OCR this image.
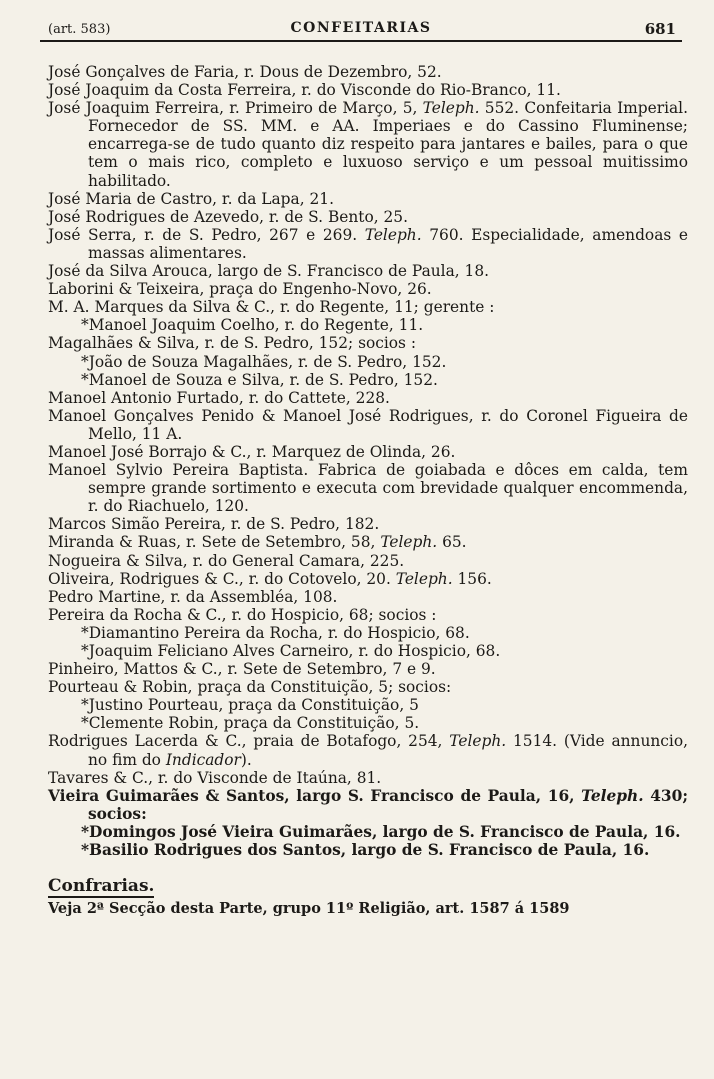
(art. 583)	CONFEITARIAS	681

José Gonçalves de Faria, r. Dous de Dezembro, 52.

José Joaquim da Costa Ferreira, r. do Visconde do Rio-Branco, 11.

José Joaquim Ferreira, r. Primeiro de Março, 5, Teleph. 552. Confeitaria Imperial. Fornecedor de SS. MM. e AA. Imperiaes e do Cassino Fluminense; encarrega-se de tudo quanto diz respeito para jantares e bailes, para o que tem o mais rico, completo e luxuoso serviço e um pessoal muitissimo habilitado.

José Maria de Castro, r. da Lapa, 21.

José Rodrigues de Azevedo, r. de S. Bento, 25.

José Serra, r. de S. Pedro, 267 e 269. Teleph. 760. Especialidade, amendoas e massas alimentares.

José da Silva Arouca, largo de S. Francisco de Paula, 18.

Laborini & Teixeira, praça do Engenho-Novo, 26.

M. A. Marques da Silva & C., r. do Regente, 11; gerente :

*Manoel Joaquim Coelho, r. do Regente, 11.

Magalhães & Silva, r. de S. Pedro, 152; socios :

*João de Souza Magalhães, r. de S. Pedro, 152.

*Manoel de Souza e Silva, r. de S. Pedro, 152.

Manoel Antonio Furtado, r. do Cattete, 228.

Manoel Gonçalves Penido & Manoel José Rodrigues, r. do Coronel Figueira de Mello, 11 A.

Manoel José Borrajo & C., r. Marquez de Olinda, 26.

Manoel Sylvio Pereira Baptista. Fabrica de goiabada e dôces em calda, tem sempre grande sortimento e executa com brevidade qualquer encommenda, r. do Riachuelo, 120.

Marcos Simão Pereira, r. de S. Pedro, 182.

Miranda & Ruas, r. Sete de Setembro, 58, Teleph. 65.

Nogueira & Silva, r. do General Camara, 225.

Oliveira, Rodrigues & C., r. do Cotovelo, 20. Teleph. 156.

Pedro Martine, r. da Assembléa, 108.

Pereira da Rocha & C., r. do Hospicio, 68; socios :

*Diamantino Pereira da Rocha, r. do Hospicio, 68.

*Joaquim Feliciano Alves Carneiro, r. do Hospicio, 68.

Pinheiro, Mattos & C., r. Sete de Setembro, 7 e 9.

Pourteau & Robin, praça da Constituição, 5; socios:

*Justino Pourteau, praça da Constituição, 5

*Clemente Robin, praça da Constituição, 5.

Rodrigues Lacerda & C., praia de Botafogo, 254, Teleph. 1514. (Vide annuncio, no fim do Indicador).

Tavares & C., r. do Visconde de Itaúna, 81.

Vieira Guimarães & Santos, largo S. Francisco de Paula, 16, Teleph. 430; socios:

*Domingos José Vieira Guimarães, largo de S. Francisco de Paula, 16.

*Basilio Rodrigues dos Santos, largo de S. Francisco de Paula, 16.

Confrarias.

Veja 2ª Secção desta Parte, grupo 11º Religião, art. 1587 á 1589
